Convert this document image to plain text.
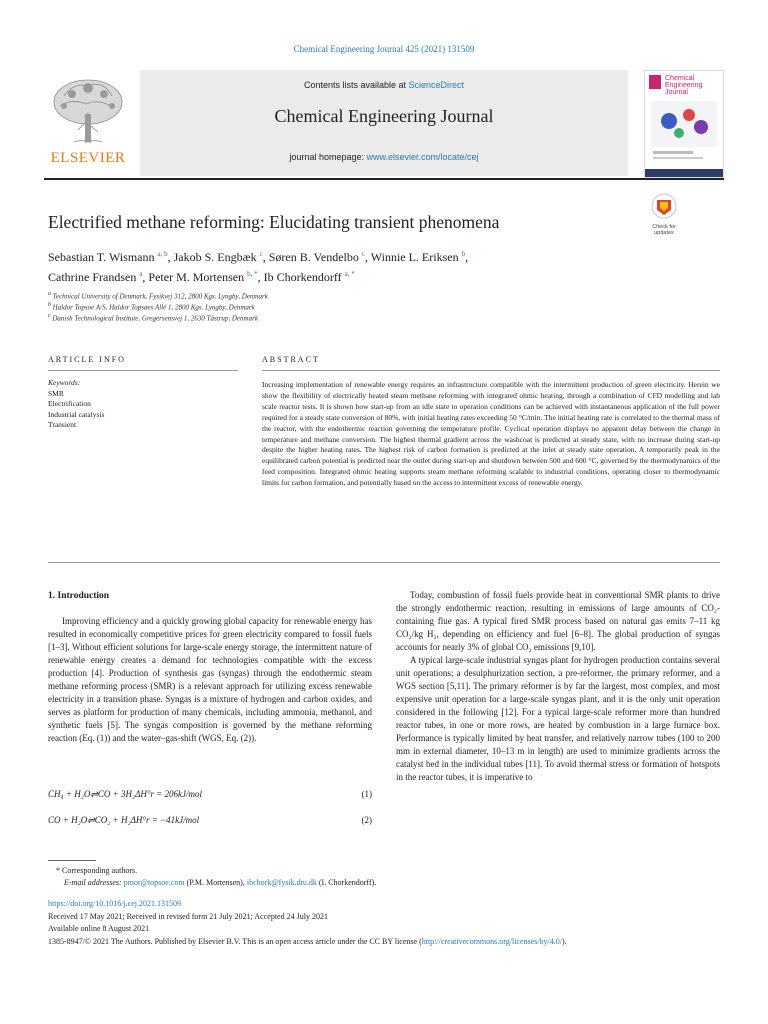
Chemical Engineering Journal 425 (2021) 131509
ELSEVIER
Contents lists available at ScienceDirect
Chemical Engineering Journal
journal homepage: www.elsevier.com/locate/cej
Chemical
Engineering
Journal
Electrified methane reforming: Elucidating transient phenomena	Check for
updates
Sebastian T. Wismann $^{a, b}$, Jakob S. Engbæk $^c$, Søren B. Vendelbo $^c$, Winnie L. Eriksen $^b$,
Cathrine Frandsen $^a$, Peter M. Mortensen $^{b, *}$, Ib Chorkendorff $^{a, *}$
$^a$ Technical University of Denmark, Fysikvej 312, 2800 Kgs. Lyngby, Denmark
$^b$ Haldor Topsoe A/S, Haldor Topsøes Allé 1, 2800 Kgs. Lyngby, Denmark
$^c$ Danish Technological Institute, Gregersensvej 1, 2630 Tåstrup, Denmark
ARTICLE INFO	ABSTRACT
Keywords:
SMR
Electrification
Industrial catalysis
Transient
Increasing implementation of renewable energy requires an infrastructure compatible with the intermittent production of green electricity. Herein we show the flexibility of electrically heated steam methane reforming with integrated ohmic heating, through a combination of CFD modelling and lab scale reactor tests. It is shown how start-up from an idle state to operation conditions can be achieved with instantaneous application of the full power required for a steady state conversion of 80%, with initial heating rates exceeding 50 °C/min. The initial heating rate is correlated to the thermal mass of the reactor, with the endothermic reaction governing the temperature profile. Cyclical operation displays no apparent delay between the change in temperature and methane conversion. The highest thermal gradient across the washcoat is predicted at steady state, with no increase during start-up despite the higher heating rates. The highest risk of carbon formation is predicted at the inlet at steady state operation. A temporarily peak in the equilibrated carbon potential is predicted near the outlet during start-up and shutdown between 500 and 600 °C, governed by the thermodynamics of the feed composition. Integrated ohmic heating supports steam methane reforming scalable to industrial conditions, operating closer to thermodynamic limits for carbon formation, and potentially based on the access to intermittent excess of renewable energy.
1. Introduction
Improving efficiency and a quickly growing global capacity for renewable energy has resulted in economically competitive prices for green electricity compared to fossil fuels [1–3]. Without efficient solutions for large-scale energy storage, the intermittent nature of renewable energy creates a demand for technologies compatible with the excess production [4]. Production of synthesis gas (syngas) through the endothermic steam methane reforming process (SMR) is a relevant approach for utilizing excess renewable electricity in a transition phase. Syngas is a mixture of hydrogen and carbon oxides, and serves as platform for production of many chemicals, including ammonia, methanol, and synthetic fuels [5]. The syngas composition is governed by the methane reforming reaction (Eq. (1)) and the water–gas-shift (WGS, Eq. (2)).
CH₄ + H₂O⇌CO + 3H₂ΔH°r = 206kJ/mol	(1)
CO + H₂O⇌CO₂ + H₂ΔH°r = −41kJ/mol	(2)
Today, combustion of fossil fuels provide heat in conventional SMR plants to drive the strongly endothermic reaction, resulting in emissions of large amounts of CO₂-containing flue gas. A typical fired SMR process based on natural gas emits 7–11 kg CO₂/kg H₂, depending on efficiency and fuel [6–8]. The global production of syngas accounts for nearly 3% of global CO₂ emissions [9,10].
A typical large-scale industrial syngas plant for hydrogen production contains several unit operations; a desulphurization section, a pre-reformer, the primary reformer, and a WGS section [5,11]. The primary reformer is by far the largest, most complex, and most expensive unit operation for a large-scale syngas plant, and it is the only unit operation considered in the following [12]. For a typical large-scale reformer more than hundred reactor tubes, in one or more rows, are heated by combustion in a large furnace box. Performance is typically limited by heat transfer, and relatively narrow tubes (100 to 200 mm in external diameter, 10–13 m in length) are used to minimize gradients across the catalyst bed in the individual tubes [11]. To avoid thermal stress or formation of hotspots in the reactor tubes, it is imperative to
* Corresponding authors.
E-mail addresses: pmor@topsoe.com (P.M. Mortensen), ibchork@fysik.dtu.dk (I. Chorkendorff).
https://doi.org/10.1016/j.cej.2021.131509
Received 17 May 2021; Received in revised form 21 July 2021; Accepted 24 July 2021
Available online 8 August 2021
1385-8947/© 2021 The Authors. Published by Elsevier B.V. This is an open access article under the CC BY license (http://creativecommons.org/licenses/by/4.0/).
